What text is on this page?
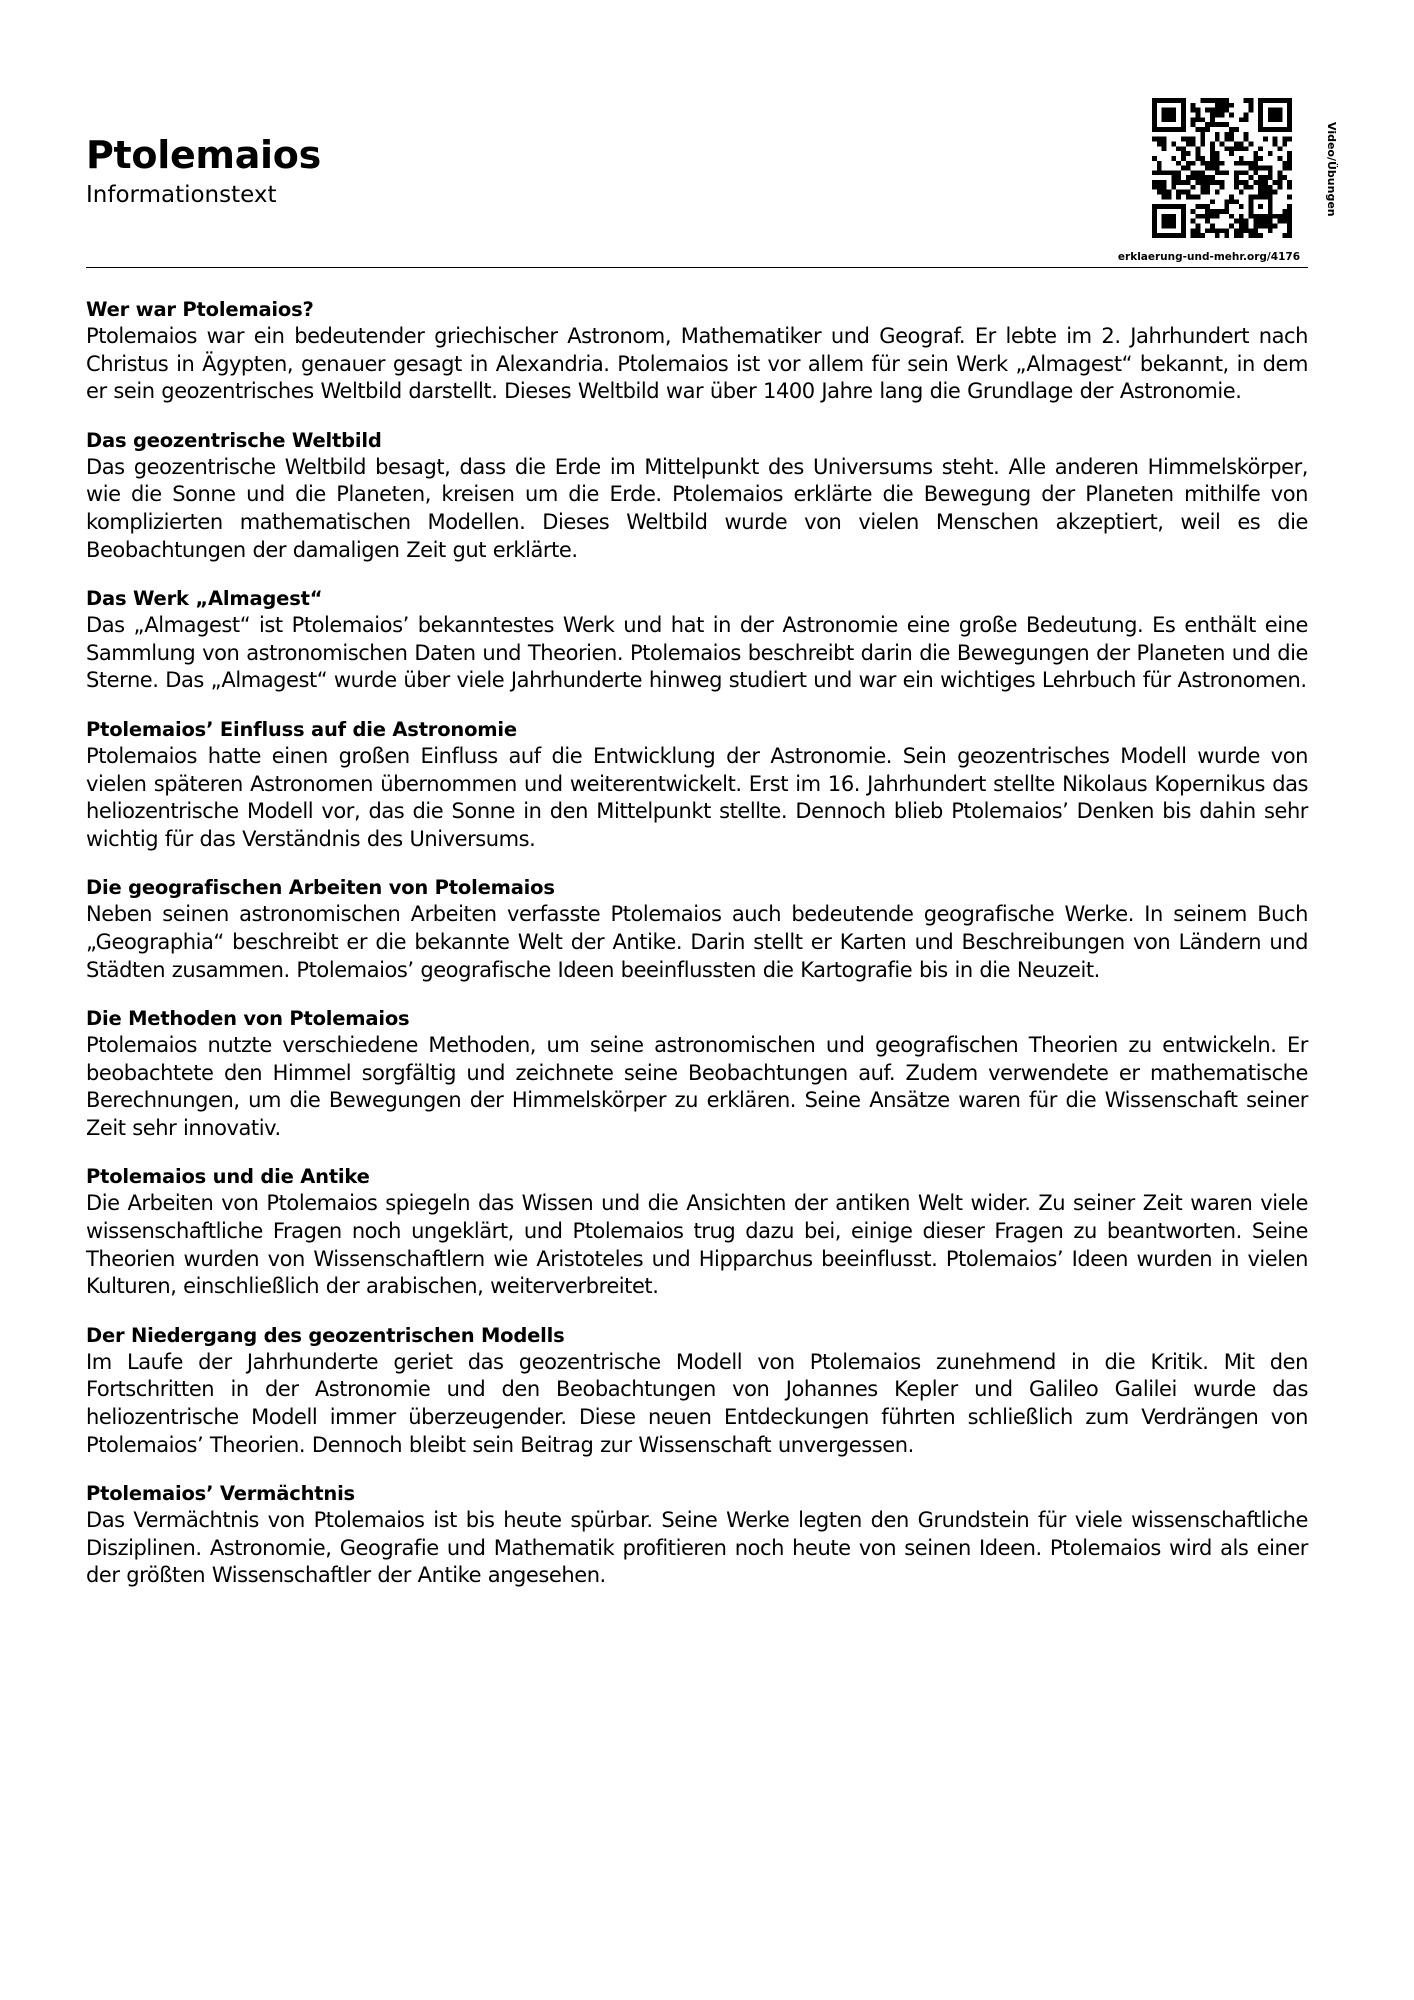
Ptolemaios
Informationstext	Video/Übungen
erklaerung-und-mehr.org/4176
Wer war Ptolemaios?

Ptolemaios war ein bedeutender griechischer Astronom, Mathematiker und Geograf. Er lebte im 2. Jahrhundert nach Christus in Ägypten, genauer gesagt in Alexandria. Ptolemaios ist vor allem für sein Werk „Almagest“ bekannt, in dem er sein geozentrisches Weltbild darstellt. Dieses Weltbild war über 1400 Jahre lang die Grundlage der Astronomie.

Das geozentrische Weltbild

Das geozentrische Weltbild besagt, dass die Erde im Mittelpunkt des Universums steht. Alle anderen Himmelskörper, wie die Sonne und die Planeten, kreisen um die Erde. Ptolemaios erklärte die Bewegung der Planeten mithilfe von komplizierten mathematischen Modellen. Dieses Weltbild wurde von vielen Menschen akzeptiert, weil es die Beobachtungen der damaligen Zeit gut erklärte.

Das Werk „Almagest“

Das „Almagest“ ist Ptolemaios’ bekanntestes Werk und hat in der Astronomie eine große Bedeutung. Es enthält eine Sammlung von astronomischen Daten und Theorien. Ptolemaios beschreibt darin die Bewegungen der Planeten und die Sterne. Das „Almagest“ wurde über viele Jahrhunderte hinweg studiert und war ein wichtiges Lehrbuch für Astronomen.

Ptolemaios’ Einfluss auf die Astronomie

Ptolemaios hatte einen großen Einfluss auf die Entwicklung der Astronomie. Sein geozentrisches Modell wurde von vielen späteren Astronomen übernommen und weiterentwickelt. Erst im 16. Jahrhundert stellte Nikolaus Kopernikus das heliozentrische Modell vor, das die Sonne in den Mittelpunkt stellte. Dennoch blieb Ptolemaios’ Denken bis dahin sehr wichtig für das Verständnis des Universums.

Die geografischen Arbeiten von Ptolemaios

Neben seinen astronomischen Arbeiten verfasste Ptolemaios auch bedeutende geografische Werke. In seinem Buch „Geographia“ beschreibt er die bekannte Welt der Antike. Darin stellt er Karten und Beschreibungen von Ländern und Städten zusammen. Ptolemaios’ geografische Ideen beeinflussten die Kartografie bis in die Neuzeit.

Die Methoden von Ptolemaios

Ptolemaios nutzte verschiedene Methoden, um seine astronomischen und geografischen Theorien zu entwickeln. Er beobachtete den Himmel sorgfältig und zeichnete seine Beobachtungen auf. Zudem verwendete er mathematische Berechnungen, um die Bewegungen der Himmelskörper zu erklären. Seine Ansätze waren für die Wissenschaft seiner Zeit sehr innovativ.

Ptolemaios und die Antike

Die Arbeiten von Ptolemaios spiegeln das Wissen und die Ansichten der antiken Welt wider. Zu seiner Zeit waren viele wissenschaftliche Fragen noch ungeklärt, und Ptolemaios trug dazu bei, einige dieser Fragen zu beantworten. Seine Theorien wurden von Wissenschaftlern wie Aristoteles und Hipparchus beeinflusst. Ptolemaios’ Ideen wurden in vielen Kulturen, einschließlich der arabischen, weiterverbreitet.

Der Niedergang des geozentrischen Modells

Im Laufe der Jahrhunderte geriet das geozentrische Modell von Ptolemaios zunehmend in die Kritik. Mit den Fortschritten in der Astronomie und den Beobachtungen von Johannes Kepler und Galileo Galilei wurde das heliozentrische Modell immer überzeugender. Diese neuen Entdeckungen führten schließlich zum Verdrängen von Ptolemaios’ Theorien. Dennoch bleibt sein Beitrag zur Wissenschaft unvergessen.

Ptolemaios’ Vermächtnis

Das Vermächtnis von Ptolemaios ist bis heute spürbar. Seine Werke legten den Grundstein für viele wissenschaftliche Disziplinen. Astronomie, Geografie und Mathematik profitieren noch heute von seinen Ideen. Ptolemaios wird als einer der größten Wissenschaftler der Antike angesehen.
